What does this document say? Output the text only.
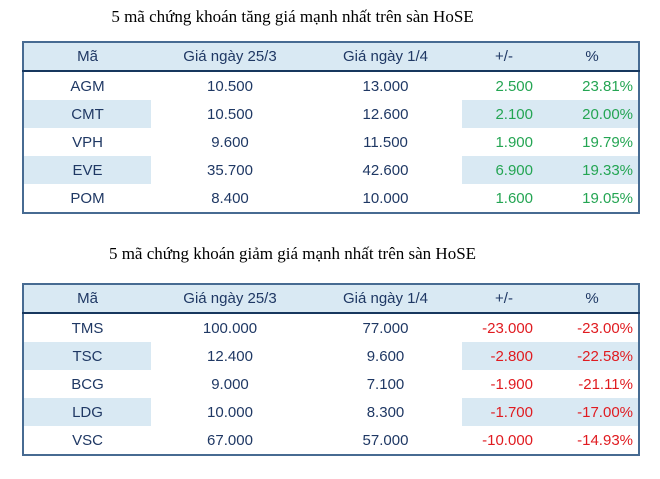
5 mã chứng khoán tăng giá mạnh nhất trên sàn HoSE
Mã	Giá ngày 25/3	Giá ngày 1/4	+/-	%
AGM	10.500	13.000	2.500	23.81%
CMT	10.500	12.600	2.100	20.00%
VPH	9.600	11.500	1.900	19.79%
EVE	35.700	42.600	6.900	19.33%
POM	8.400	10.000	1.600	19.05%
5 mã chứng khoán giảm giá mạnh nhất trên sàn HoSE
Mã	Giá ngày 25/3	Giá ngày 1/4	+/-	%
TMS	100.000	77.000	-23.000	-23.00%
TSC	12.400	9.600	-2.800	-22.58%
BCG	9.000	7.100	-1.900	-21.11%
LDG	10.000	8.300	-1.700	-17.00%
VSC	67.000	57.000	-10.000	-14.93%
